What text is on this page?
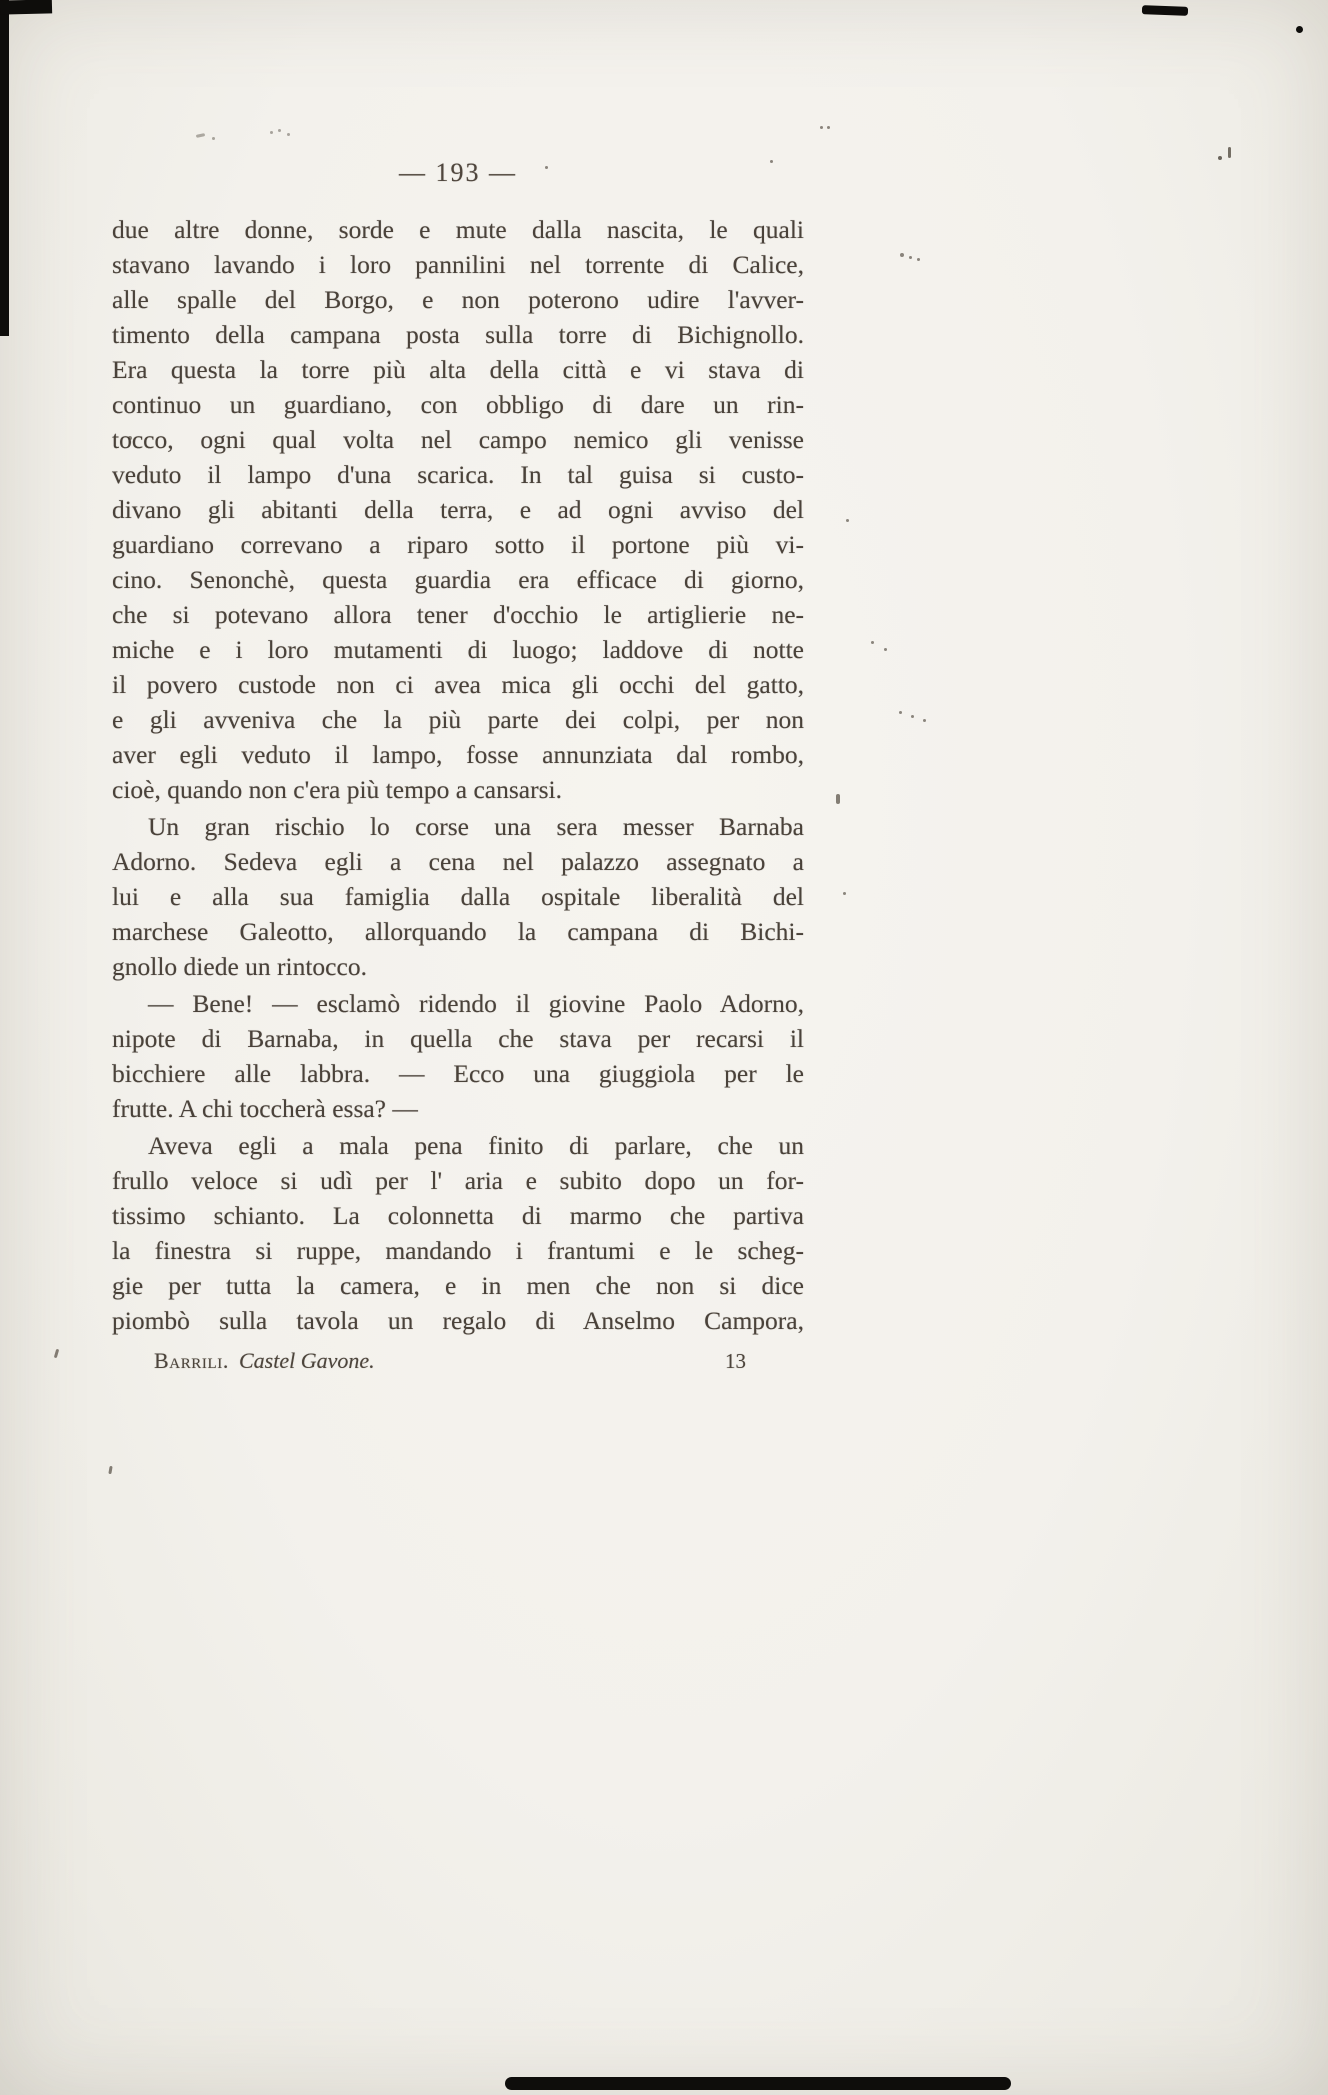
— 193 —
due altre donne, sorde e mute dalla nascita, le quali
stavano lavando i loro pannilini nel torrente di Calice,
alle spalle del Borgo, e non poterono udire l'avver-
timento della campana posta sulla torre di Bichignollo.
Era questa la torre più alta della città e vi stava di
continuo un guardiano, con obbligo di dare un rin-
tocco, ogni qual volta nel campo nemico gli venisse
veduto il lampo d'una scarica. In tal guisa si custo-
divano gli abitanti della terra, e ad ogni avviso del
guardiano correvano a riparo sotto il portone più vi-
cino. Senonchè, questa guardia era efficace di giorno,
che si potevano allora tener d'occhio le artiglierie ne-
miche e i loro mutamenti di luogo; laddove di notte
il povero custode non ci avea mica gli occhi del gatto,
e gli avveniva che la più parte dei colpi, per non
aver egli veduto il lampo, fosse annunziata dal rombo,
cioè, quando non c'era più tempo a cansarsi.
Un gran rischio lo corse una sera messer Barnaba
Adorno. Sedeva egli a cena nel palazzo assegnato a
lui e alla sua famiglia dalla ospitale liberalità del
marchese Galeotto, allorquando la campana di Bichi-
gnollo diede un rintocco.
— Bene! — esclamò ridendo il giovine Paolo Adorno,
nipote di Barnaba, in quella che stava per recarsi il
bicchiere alle labbra. — Ecco una giuggiola per le
frutte. A chi toccherà essa? —
Aveva egli a mala pena finito di parlare, che un
frullo veloce si udì per l' aria e subito dopo un for-
tissimo schianto. La colonnetta di marmo che partiva
la finestra si ruppe, mandando i frantumi e le scheg-
gie per tutta la camera, e in men che non si dice
piombò sulla tavola un regalo di Anselmo Campora,
Barrili. Castel Gavone.	13
